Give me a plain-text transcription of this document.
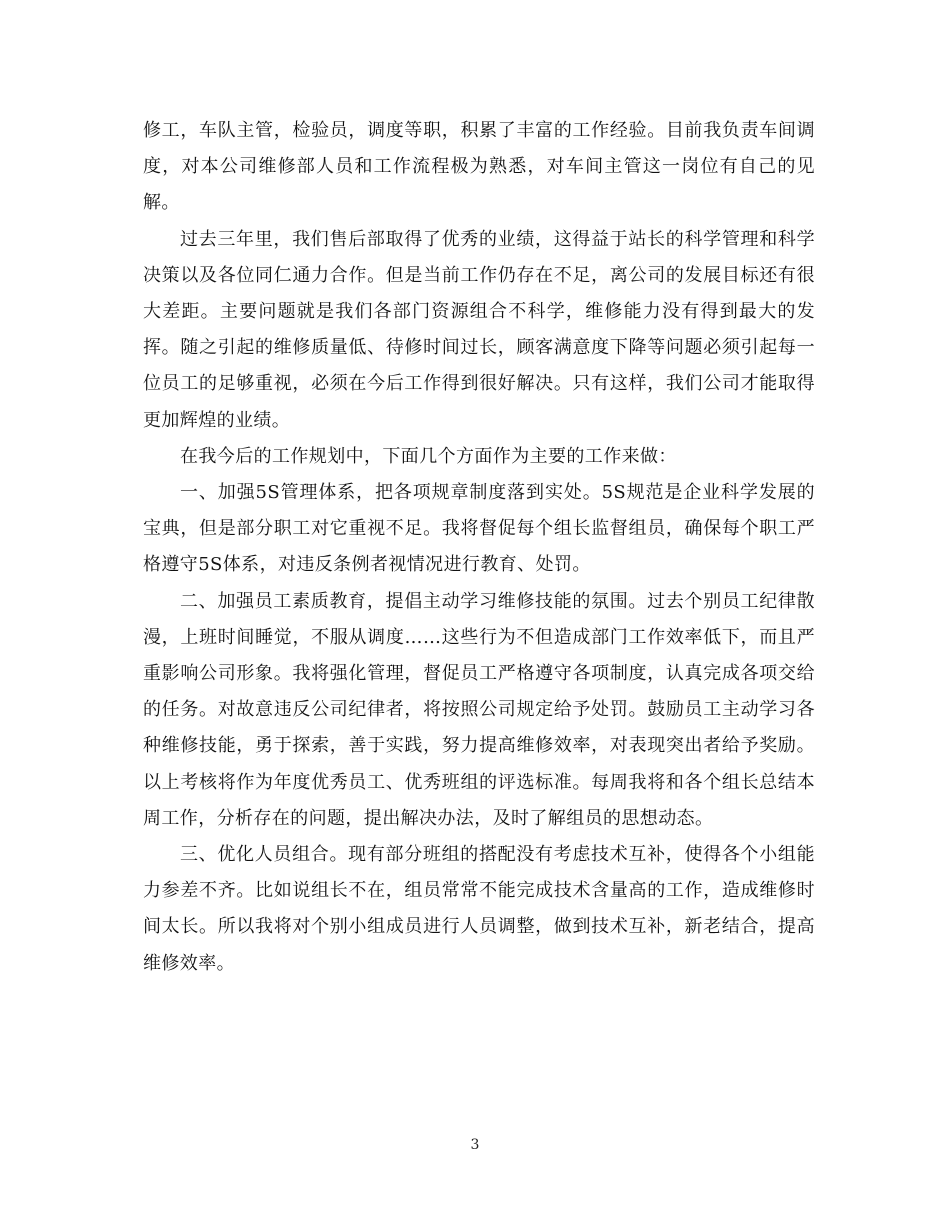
修工，车队主管，检验员，调度等职，积累了丰富的工作经验。目前我负责车间调度，对本公司维修部人员和工作流程极为熟悉，对车间主管这一岗位有自己的见解。

过去三年里，我们售后部取得了优秀的业绩，这得益于站长的科学管理和科学决策以及各位同仁通力合作。但是当前工作仍存在不足，离公司的发展目标还有很大差距。主要问题就是我们各部门资源组合不科学，维修能力没有得到最大的发挥。随之引起的维修质量低、待修时间过长，顾客满意度下降等问题必须引起每一位员工的足够重视，必须在今后工作得到很好解决。只有这样，我们公司才能取得更加辉煌的业绩。

在我今后的工作规划中，下面几个方面作为主要的工作来做：

一、加强5S管理体系，把各项规章制度落到实处。5S规范是企业科学发展的宝典，但是部分职工对它重视不足。我将督促每个组长监督组员，确保每个职工严格遵守5S体系，对违反条例者视情况进行教育、处罚。

二、加强员工素质教育，提倡主动学习维修技能的氛围。过去个别员工纪律散漫，上班时间睡觉，不服从调度……这些行为不但造成部门工作效率低下，而且严重影响公司形象。我将强化管理，督促员工严格遵守各项制度，认真完成各项交给的任务。对故意违反公司纪律者，将按照公司规定给予处罚。鼓励员工主动学习各种维修技能，勇于探索，善于实践，努力提高维修效率，对表现突出者给予奖励。以上考核将作为年度优秀员工、优秀班组的评选标准。每周我将和各个组长总结本周工作，分析存在的问题，提出解决办法，及时了解组员的思想动态。

三、优化人员组合。现有部分班组的搭配没有考虑技术互补，使得各个小组能力参差不齐。比如说组长不在，组员常常不能完成技术含量高的工作，造成维修时间太长。所以我将对个别小组成员进行人员调整，做到技术互补，新老结合，提高维修效率。

3
